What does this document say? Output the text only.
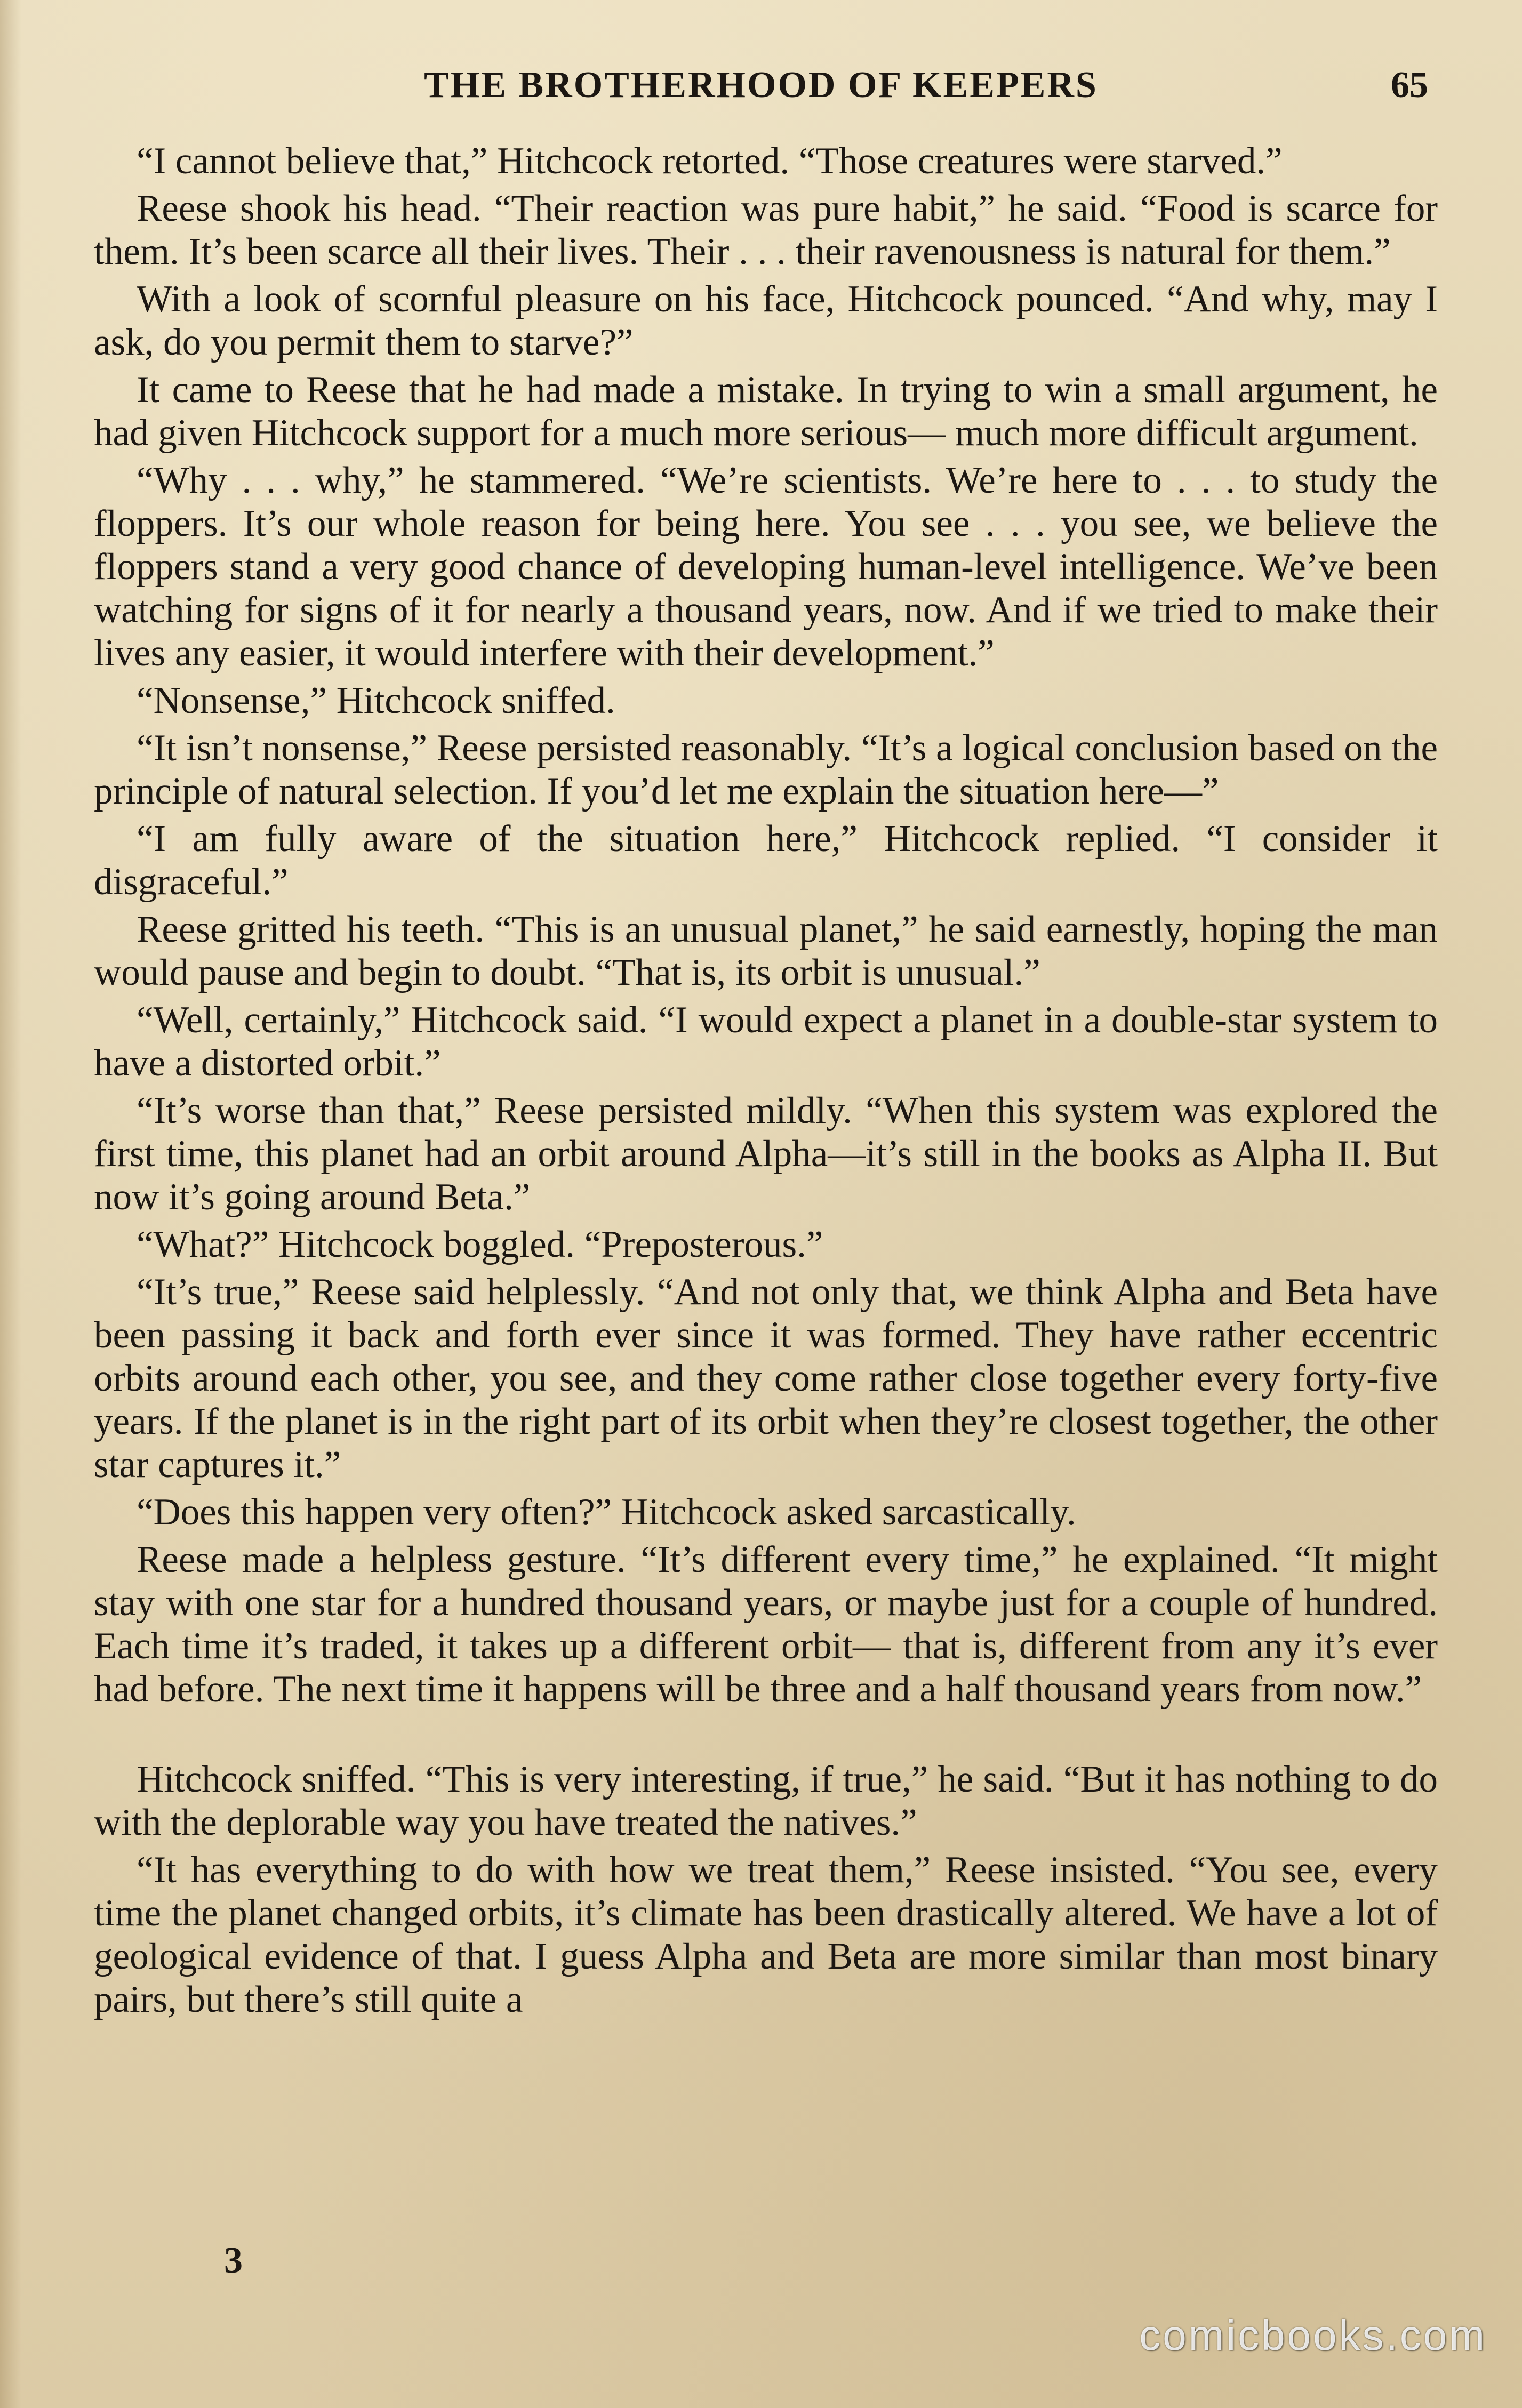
THE BROTHERHOOD OF KEEPERS	65

“I cannot believe that,” Hitchcock retorted. “Those creatures were starved.”

Reese shook his head. “Their reaction was pure habit,” he said. “Food is scarce for them. It’s been scarce all their lives. Their . . . their ravenousness is natural for them.”

With a look of scornful pleasure on his face, Hitchcock pounced. “And why, may I ask, do you permit them to starve?”

It came to Reese that he had made a mistake. In trying to win a small argument, he had given Hitchcock support for a much more serious— much more difficult argument.

“Why . . . why,” he stammered. “We’re scientists. We’re here to . . . to study the floppers. It’s our whole reason for being here. You see . . . you see, we believe the floppers stand a very good chance of developing human-level intelligence. We’ve been watching for signs of it for nearly a thousand years, now. And if we tried to make their lives any easier, it would interfere with their development.”

“Nonsense,” Hitchcock sniffed.

“It isn’t nonsense,” Reese persisted reasonably. “It’s a logical conclusion based on the principle of natural selection. If you’d let me explain the situation here—”

“I am fully aware of the situation here,” Hitchcock replied. “I consider it disgraceful.”

Reese gritted his teeth. “This is an unusual planet,” he said earnestly, hoping the man would pause and begin to doubt. “That is, its orbit is unusual.”

“Well, certainly,” Hitchcock said. “I would expect a planet in a double-star system to have a distorted orbit.”

“It’s worse than that,” Reese persisted mildly. “When this system was explored the first time, this planet had an orbit around Alpha—it’s still in the books as Alpha II. But now it’s going around Beta.”

“What?” Hitchcock boggled. “Preposterous.”

“It’s true,” Reese said helplessly. “And not only that, we think Alpha and Beta have been passing it back and forth ever since it was formed. They have rather eccentric orbits around each other, you see, and they come rather close together every forty-five years. If the planet is in the right part of its orbit when they’re closest together, the other star captures it.”

“Does this happen very often?” Hitchcock asked sarcastically.

Reese made a helpless gesture. “It’s different every time,” he explained. “It might stay with one star for a hundred thousand years, or maybe just for a couple of hundred. Each time it’s traded, it takes up a different orbit— that is, different from any it’s ever had before. The next time it happens will be three and a half thousand years from now.”

Hitchcock sniffed. “This is very interesting, if true,” he said. “But it has nothing to do with the deplorable way you have treated the natives.”

“It has everything to do with how we treat them,” Reese insisted. “You see, every time the planet changed orbits, it’s climate has been drastically altered. We have a lot of geological evidence of that. I guess Alpha and Beta are more similar than most binary pairs, but there’s still quite a

3
comicbooks.com
